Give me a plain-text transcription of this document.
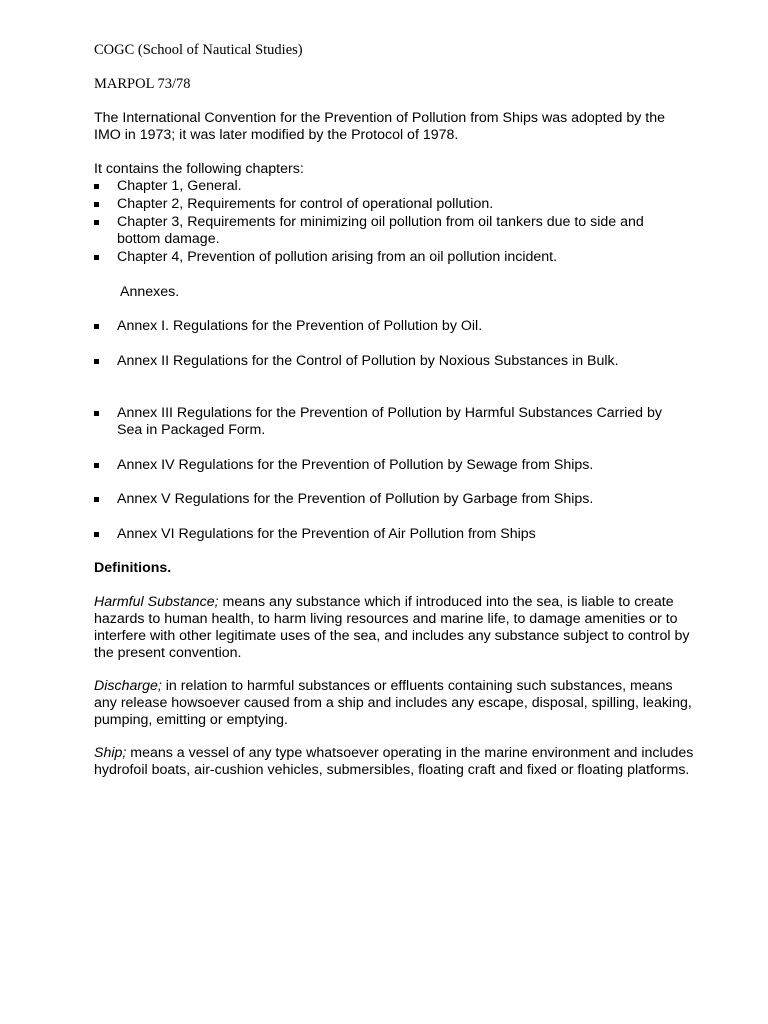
COGC (School of Nautical Studies)

MARPOL 73/78

The International Convention for the Prevention of Pollution from Ships was adopted by the IMO in 1973; it was later modified by the Protocol of 1978.

It contains the following chapters:

Chapter 1, General.
Chapter 2, Requirements for control of operational pollution.
Chapter 3, Requirements for minimizing oil pollution from oil tankers due to side and bottom damage.
Chapter 4, Prevention of pollution arising from an oil pollution incident.

Annexes.

Annex I. Regulations for the Prevention of Pollution by Oil.
Annex II Regulations for the Control of Pollution by Noxious Substances in Bulk.
Annex III Regulations for the Prevention of Pollution by Harmful Substances Carried by Sea in Packaged Form.
Annex IV Regulations for the Prevention of Pollution by Sewage from Ships.
Annex V Regulations for the Prevention of Pollution by Garbage from Ships.
Annex VI Regulations for the Prevention of Air Pollution from Ships

Definitions.

Harmful Substance; means any substance which if introduced into the sea, is liable to create hazards to human health, to harm living resources and marine life, to damage amenities or to interfere with other legitimate uses of the sea, and includes any substance subject to control by the present convention.

Discharge; in relation to harmful substances or effluents containing such substances, means any release howsoever caused from a ship and includes any escape, disposal, spilling, leaking, pumping, emitting or emptying.

Ship; means a vessel of any type whatsoever operating in the marine environment and includes hydrofoil boats, air-cushion vehicles, submersibles, floating craft and fixed or floating platforms.
